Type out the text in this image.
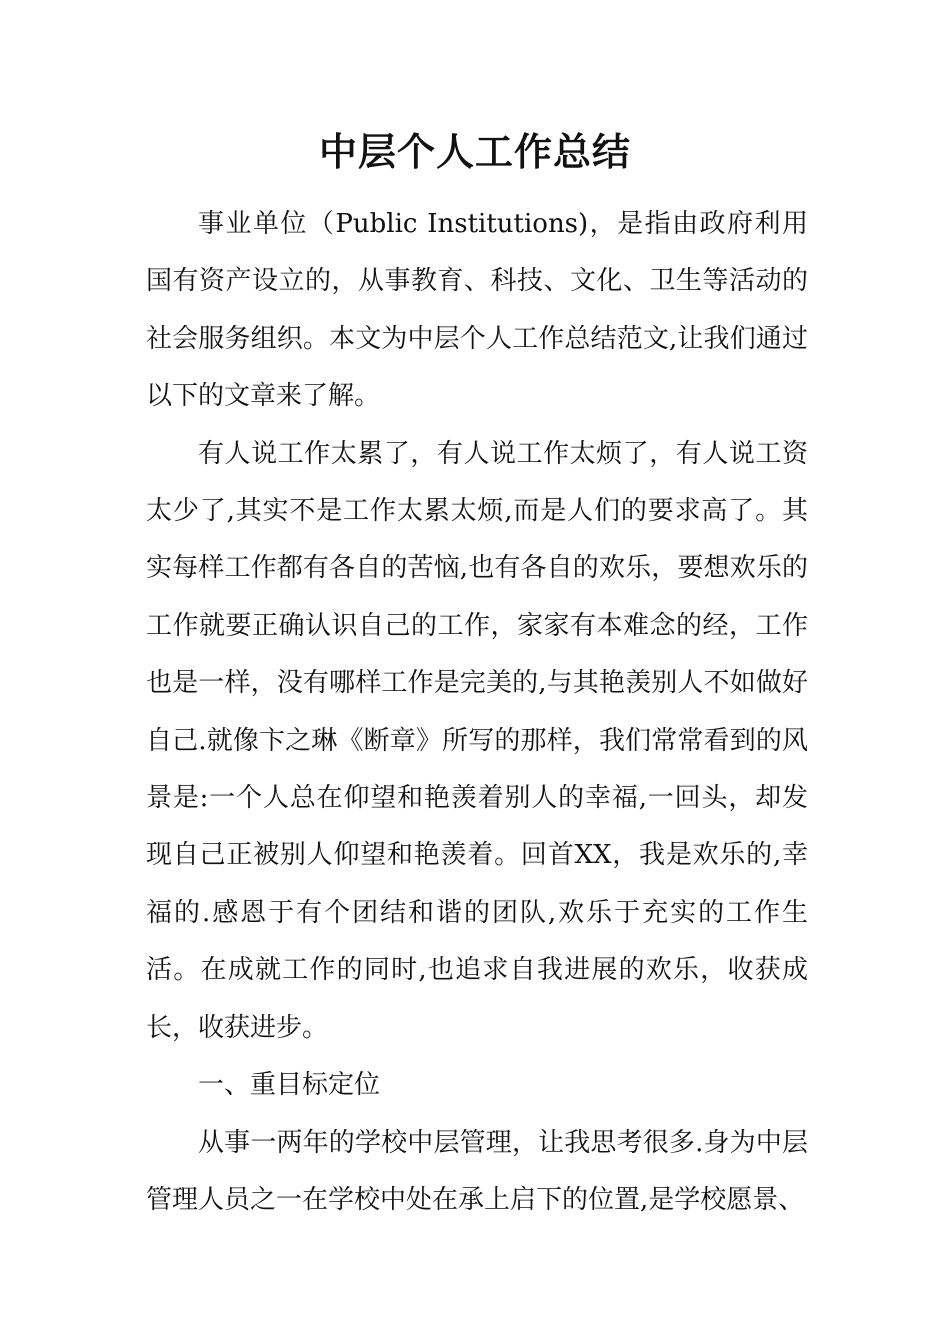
中层个人工作总结

事业单位（Public Institutions)，是指由政府利用国有资产设立的，从事教育、科技、文化、卫生等活动的社会服务组织。本文为中层个人工作总结范文,让我们通过以下的文章来了解。

有人说工作太累了，有人说工作太烦了，有人说工资太少了,其实不是工作太累太烦,而是人们的要求高了。其实每样工作都有各自的苦恼,也有各自的欢乐，要想欢乐的工作就要正确认识自己的工作，家家有本难念的经，工作也是一样，没有哪样工作是完美的,与其艳羡别人不如做好自己.就像卞之琳《断章》所写的那样，我们常常看到的风景是:一个人总在仰望和艳羡着别人的幸福,一回头，却发现自己正被别人仰望和艳羡着。回首XX，我是欢乐的,幸福的.感恩于有个团结和谐的团队,欢乐于充实的工作生活。在成就工作的同时,也追求自我进展的欢乐，收获成长，收获进步。

一、重目标定位

从事一两年的学校中层管理，让我思考很多.身为中层管理人员之一在学校中处在承上启下的位置,是学校愿景、
